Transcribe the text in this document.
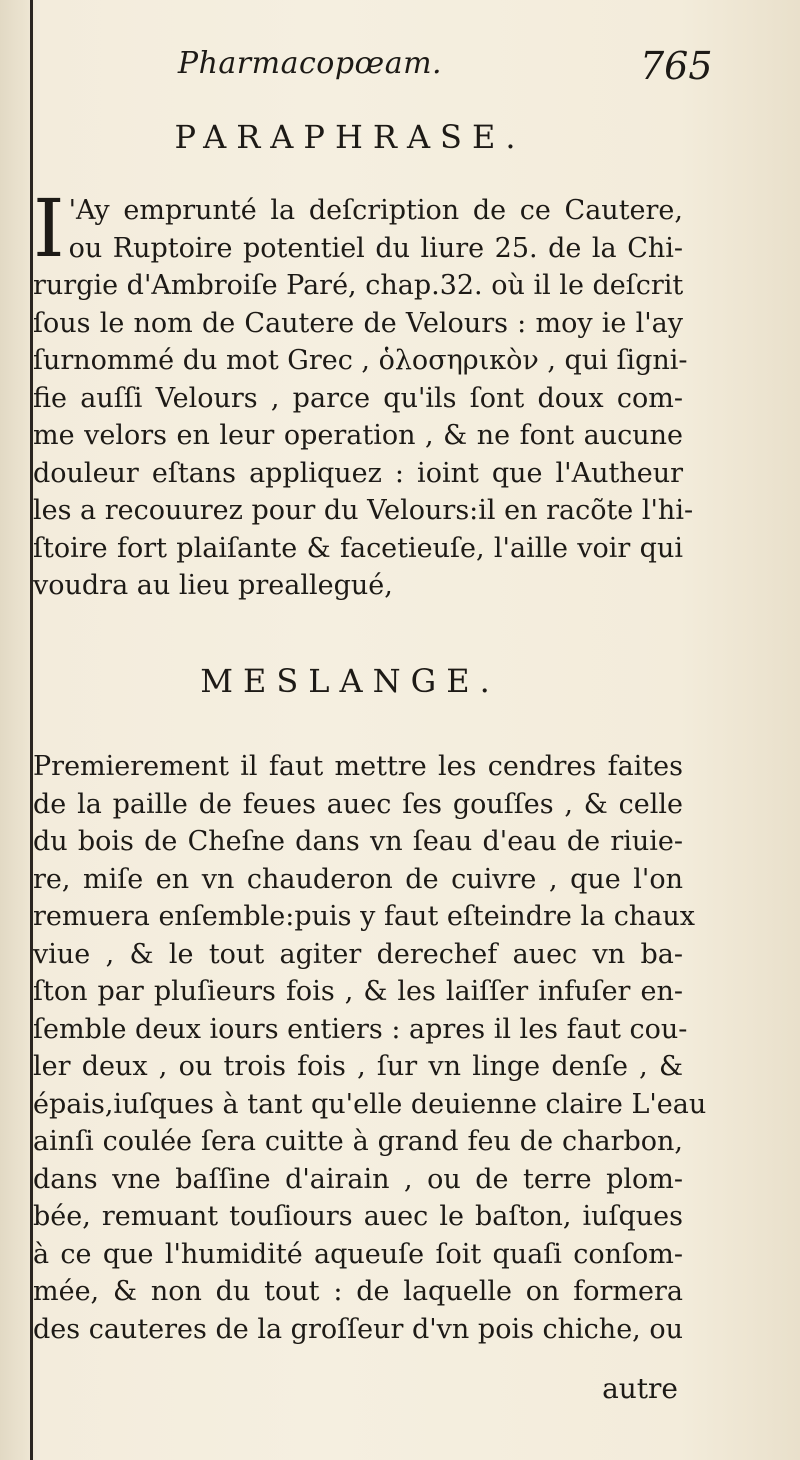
Pharmacopœam.	765
PARAPHRASE.
I 'Ay emprunté la deſcription de ce Cautere,
ou Ruptoire potentiel du liure 25. de la Chi-
rurgie d'Ambroiſe Paré, chap.32. où il le deſcrit
ſous le nom de Cautere de Velours : moy ie l'ay
ſurnommé du mot Grec , ὁλοσηρικὸν , qui ſigni-
fie auſſi Velours , parce qu'ils ſont doux com-
me velors en leur operation , & ne font aucune
douleur eſtans appliquez : ioint que l'Autheur
les a recouurez pour du Velours:il en racõte l'hi-
ſtoire fort plaiſante & facetieuſe, l'aille voir qui
voudra au lieu preallegué,
MESLANGE.
Premierement il faut mettre les cendres faites
de la paille de feues auec ſes gouſſes , & celle
du bois de Cheſne dans vn ſeau d'eau de riuie-
re, miſe en vn chauderon de cuivre , que l'on
remuera enſemble:puis y faut eſteindre la chaux
viue , & le tout agiter derechef auec vn ba-
ſton par pluſieurs fois , & les laiſſer infuſer en-
ſemble deux iours entiers : apres il les faut cou-
ler deux , ou trois fois , ſur vn linge denſe , &
épais,iuſques à tant qu'elle deuienne claire L'eau
ainſi coulée ſera cuitte à grand feu de charbon,
dans vne baſſine d'airain , ou de terre plom-
bée, remuant touſiours auec le baſton, iuſques
à ce que l'humidité aqueuſe ſoit quaſi conſom-
mée, & non du tout : de laquelle on formera
des cauteres de la groſſeur d'vn pois chiche, ou
autre
